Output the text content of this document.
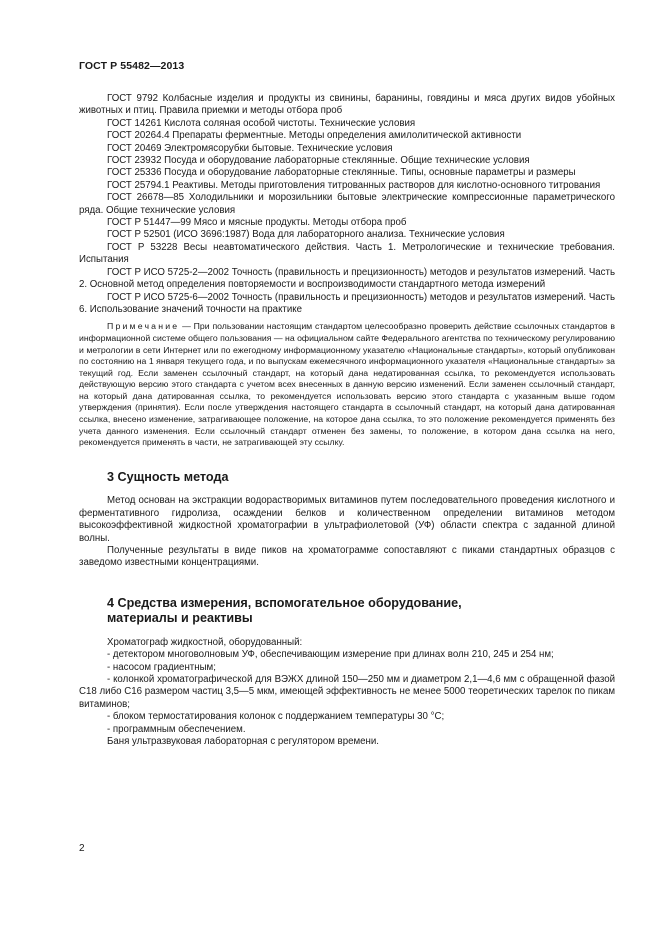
ГОСТ Р 55482—2013

ГОСТ 9792 Колбасные изделия и продукты из свинины, баранины, говядины и мяса других видов убойных животных и птиц. Правила приемки и методы отбора проб

ГОСТ 14261 Кислота соляная особой чистоты. Технические условия

ГОСТ 20264.4 Препараты ферментные. Методы определения амилолитической активности

ГОСТ 20469 Электромясорубки бытовые. Технические условия

ГОСТ 23932 Посуда и оборудование лабораторные стеклянные. Общие технические условия

ГОСТ 25336 Посуда и оборудование лабораторные стеклянные. Типы, основные параметры и размеры

ГОСТ 25794.1 Реактивы. Методы приготовления титрованных растворов для кислотно-основного титрования

ГОСТ 26678—85 Холодильники и морозильники бытовые электрические компрессионные параметрического ряда. Общие технические условия

ГОСТ Р 51447—99 Мясо и мясные продукты. Методы отбора проб

ГОСТ Р 52501 (ИСО 3696:1987) Вода для лабораторного анализа. Технические условия

ГОСТ Р 53228 Весы неавтоматического действия. Часть 1. Метрологические и технические требования. Испытания

ГОСТ Р ИСО 5725-2—2002 Точность (правильность и прецизионность) методов и результатов измерений. Часть 2. Основной метод определения повторяемости и воспроизводимости стандартного метода измерений

ГОСТ Р ИСО 5725-6—2002 Точность (правильность и прецизионность) методов и результатов измерений. Часть 6. Использование значений точности на практике

Примечание — При пользовании настоящим стандартом целесообразно проверить действие ссылочных стандартов в информационной системе общего пользования — на официальном сайте Федерального агентства по техническому регулированию и метрологии в сети Интернет или по ежегодному информационному указателю «Национальные стандарты», который опубликован по состоянию на 1 января текущего года, и по выпускам ежемесячного информационного указателя «Национальные стандарты» за текущий год. Если заменен ссылочный стандарт, на который дана недатированная ссылка, то рекомендуется использовать действующую версию этого стандарта с учетом всех внесенных в данную версию изменений. Если заменен ссылочный стандарт, на который дана датированная ссылка, то рекомендуется использовать версию этого стандарта с указанным выше годом утверждения (принятия). Если после утверждения настоящего стандарта в ссылочный стандарт, на который дана датированная ссылка, внесено изменение, затрагивающее положение, на которое дана ссылка, то это положение рекомендуется применять без учета данного изменения. Если ссылочный стандарт отменен без замены, то положение, в котором дана ссылка на него, рекомендуется применять в части, не затрагивающей эту ссылку.

3 Сущность метода

Метод основан на экстракции водорастворимых витаминов путем последовательного проведения кислотного и ферментативного гидролиза, осаждении белков и количественном определении витаминов методом высокоэффективной жидкостной хроматографии в ультрафиолетовой (УФ) области спектра с заданной длиной волны.

Полученные результаты в виде пиков на хроматограмме сопоставляют с пиками стандартных образцов с заведомо известными концентрациями.

4 Средства измерения, вспомогательное оборудование,
материалы и реактивы

Хроматограф жидкостной, оборудованный:

- детектором многоволновым УФ, обеспечивающим измерение при длинах волн 210, 245 и 254 нм;

- насосом градиентным;

- колонкой хроматографической для ВЭЖХ длиной 150—250 мм и диаметром 2,1—4,6 мм с обращенной фазой С18 либо С16 размером частиц 3,5—5 мкм, имеющей эффективность не менее 5000 теоретических тарелок по пикам витаминов;

- блоком термостатирования колонок с поддержанием температуры 30 °С;

- программным обеспечением.

Баня ультразвуковая лабораторная с регулятором времени.

2
